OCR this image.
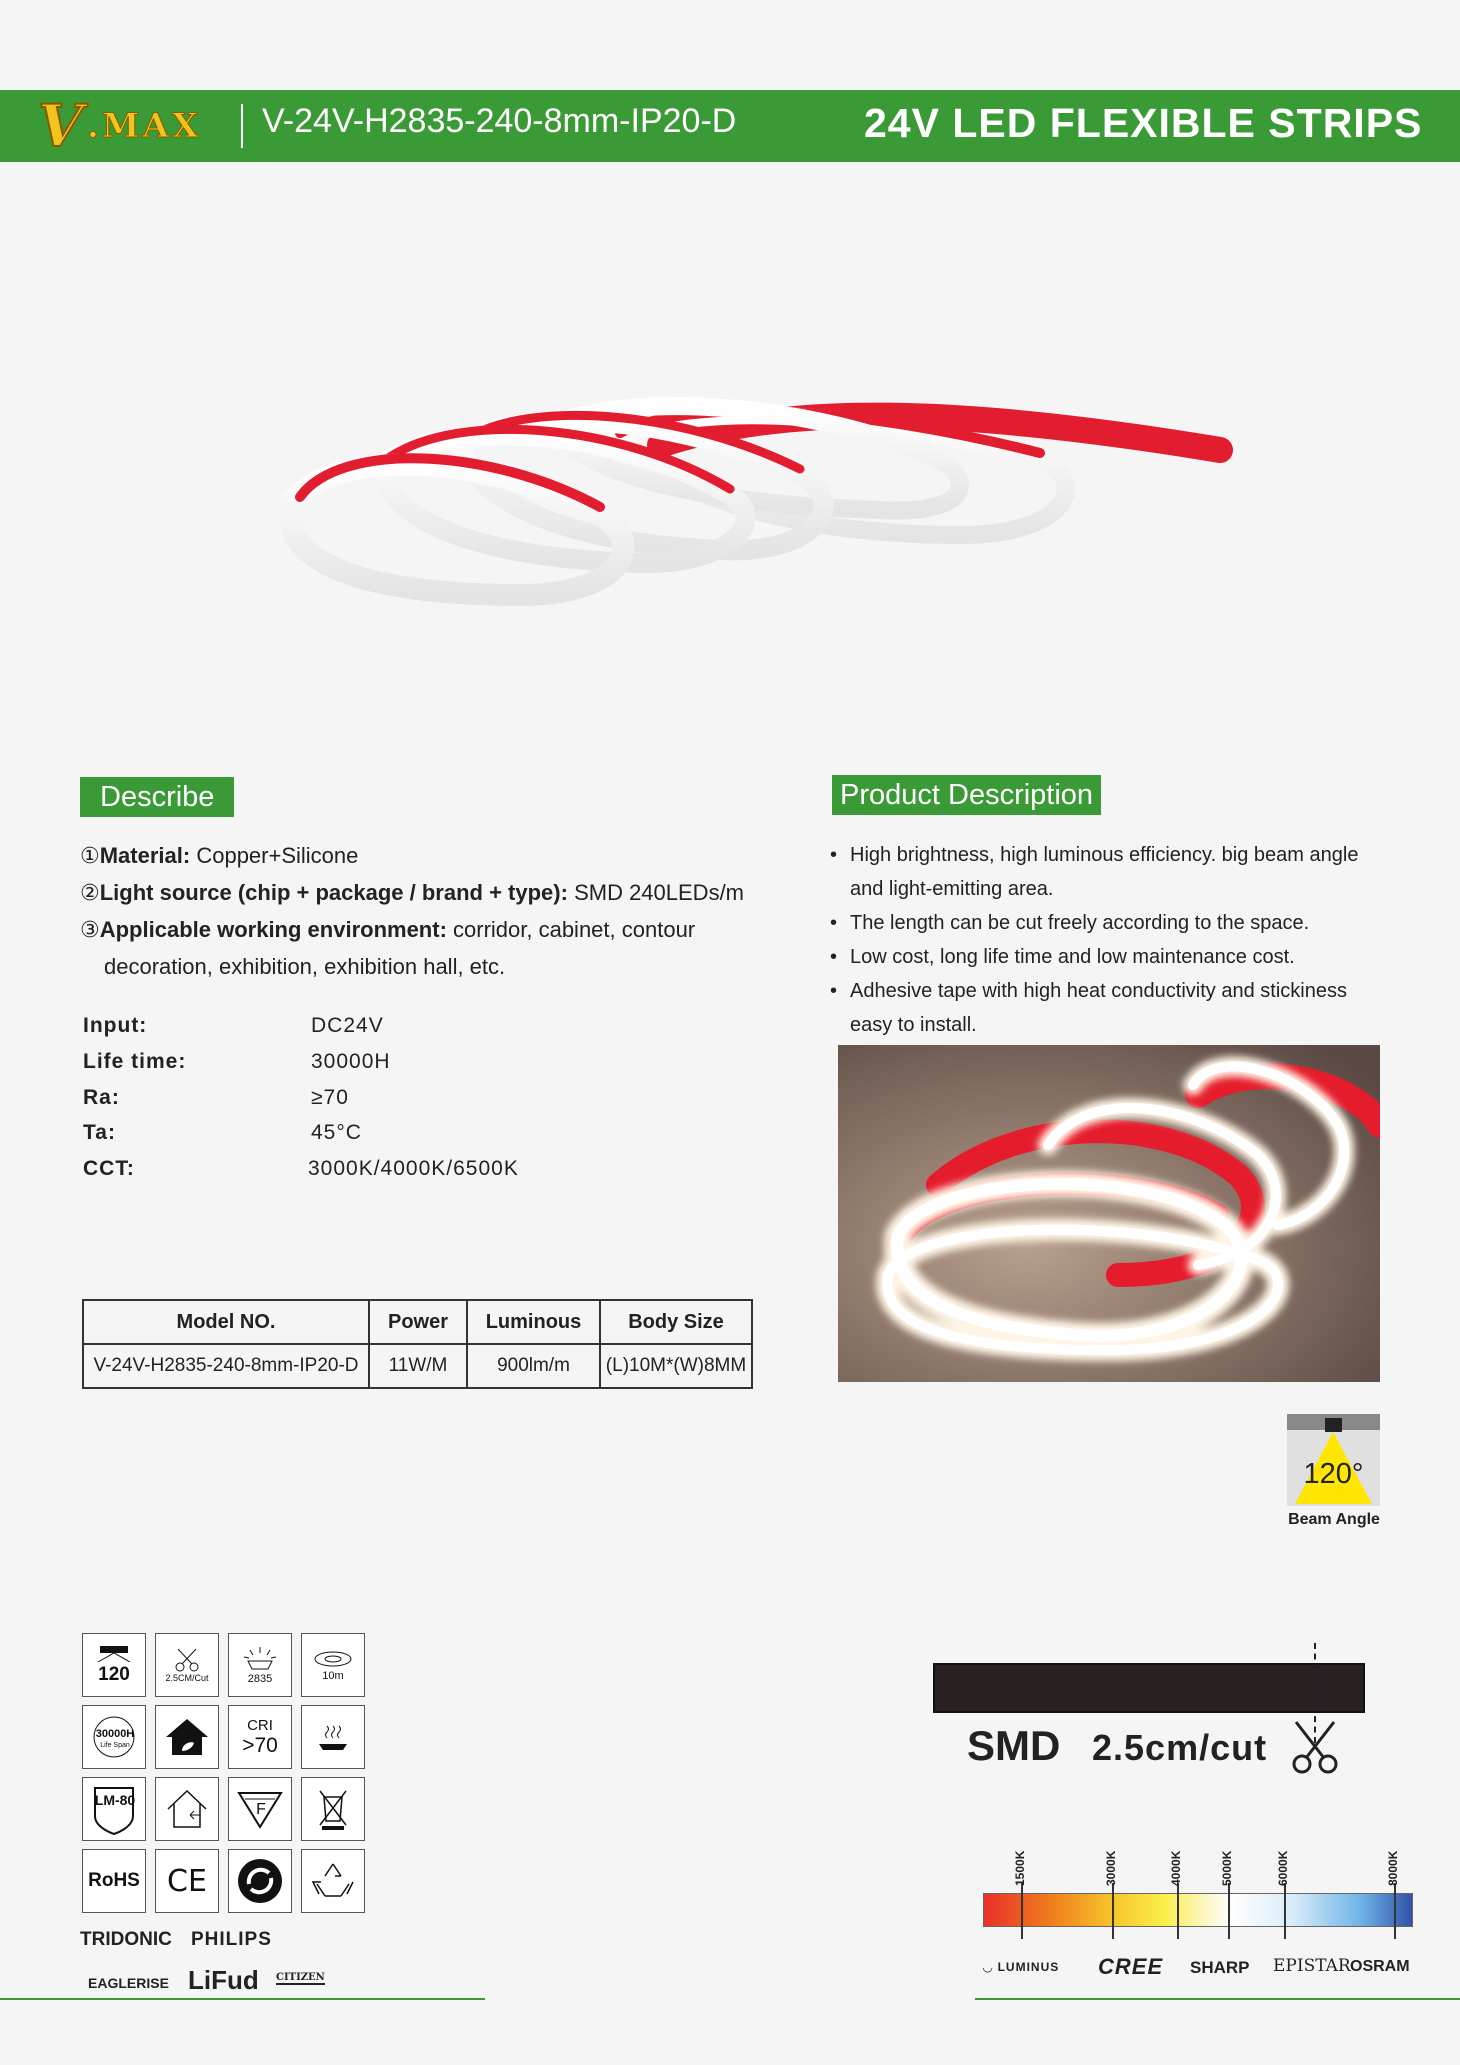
V .MAX V-24V-H2835-240-8mm-IP20-D	24V LED FLEXIBLE STRIPS
Describe
①Material: Copper+Silicone
②Light source (chip + package / brand + type): SMD 240LEDs/m
③Applicable working environment: corridor, cabinet, contour
decoration, exhibition, exhibition hall, etc.
Input:	DC24V
Life time:	30000H
Ra:	≥70
Ta:	45°C
CCT:	3000K/4000K/6500K
Product Description
• High brightness, high luminous efficiency. big beam angle
and light-emitting area.
• The length can be cut freely according to the space.
• Low cost, long life time and low maintenance cost.
• Adhesive tape with high heat conductivity and stickiness
easy to install.
Model NO.	Power	Luminous	Body Size
V-24V-H2835-240-8mm-IP20-D	11W/M	900lm/m	(L)10M*(W)8MM
120°
Beam Angle
120	2.5CM/Cut	2835	10m
30000H
Life Span
CRI
>70
LM-80
F
RoHS CE
TRIDONIC PHILIPS
EAGLERISE LiFud CITIZEN
SMD 2.5cm/cut
1500K	3000K	4000K	5000K	6000K	8000K
◡ LUMINUS CREE SHARP EPISTAR OSRAM
